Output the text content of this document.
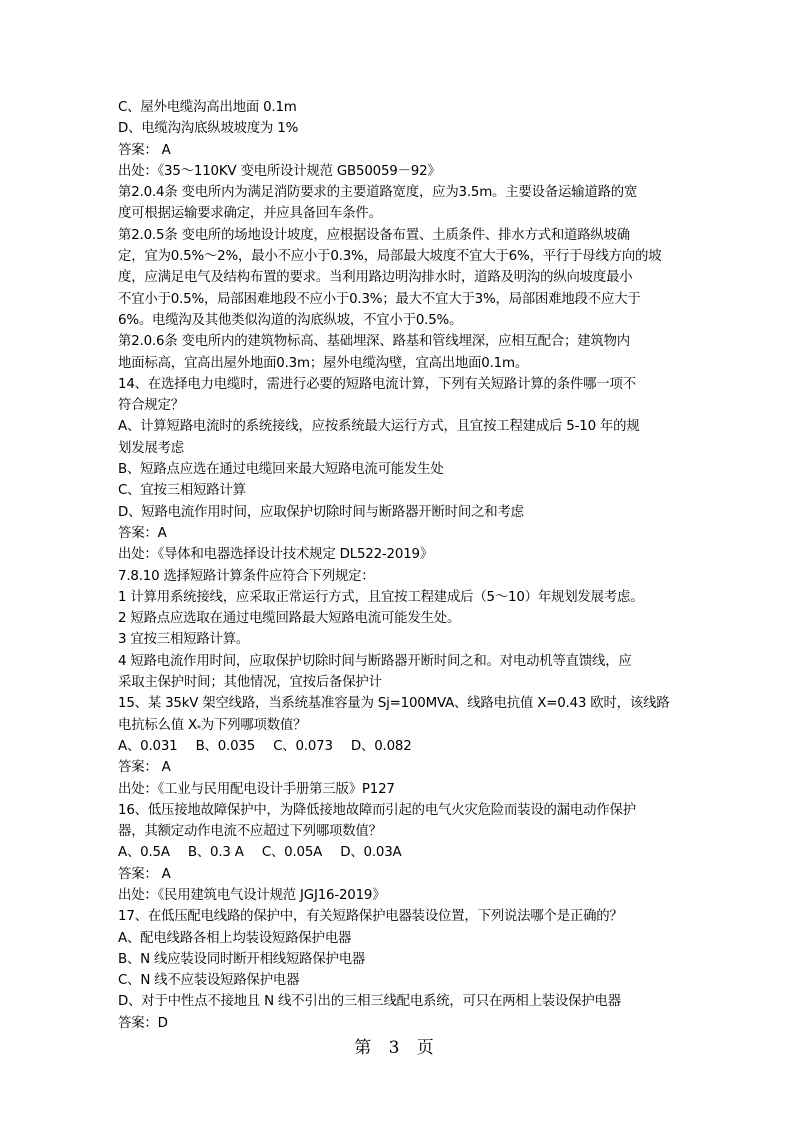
C、屋外电缆沟高出地面 0.1m
D、电缆沟沟底纵坡坡度为 1%
答案： A
出处：《35～110KV 变电所设计规范 GB50059－92》
第2.0.4条 变电所内为满足消防要求的主要道路宽度，应为3.5m。主要设备运输道路的宽
度可根据运输要求确定，并应具备回车条件。
第2.0.5条 变电所的场地设计坡度，应根据设备布置、土质条件、排水方式和道路纵坡确
定，宜为0.5%～2%，最小不应小于0.3%，局部最大坡度不宜大于6%，平行于母线方向的坡
度，应满足电气及结构布置的要求。当利用路边明沟排水时，道路及明沟的纵向坡度最小
不宜小于0.5%，局部困难地段不应小于0.3%；最大不宜大于3%，局部困难地段不应大于
6%。电缆沟及其他类似沟道的沟底纵坡，不宜小于0.5%。
第2.0.6条 变电所内的建筑物标高、基础埋深、路基和管线埋深，应相互配合；建筑物内
地面标高，宜高出屋外地面0.3m；屋外电缆沟壁，宜高出地面0.1m。
14、在选择电力电缆时，需进行必要的短路电流计算，下列有关短路计算的条件哪一项不
符合规定？
A、计算短路电流时的系统接线，应按系统最大运行方式，且宜按工程建成后 5-10 年的规
划发展考虑
B、短路点应选在通过电缆回来最大短路电流可能发生处
C、宜按三相短路计算
D、短路电流作用时间，应取保护切除时间与断路器开断时间之和考虑
答案：A
出处：《导体和电器选择设计技术规定 DL522-2019》
7.8.10 选择短路计算条件应符合下列规定：
1 计算用系统接线，应采取正常运行方式，且宜按工程建成后（5～10）年规划发展考虑。
2 短路点应选取在通过电缆回路最大短路电流可能发生处。
3 宜按三相短路计算。
4 短路电流作用时间，应取保护切除时间与断路器开断时间之和。对电动机等直馈线，应
采取主保护时间；其他情况，宜按后备保护计
15、某 35kV 架空线路，当系统基准容量为 Sj=100MVA、线路电抗值 X=0.43 欧时，该线路
电抗标么值 $X_*$为下列哪项数值？
A、0.031 B、0.035 C、0.073 D、0.082
答案： A
出处：《工业与民用配电设计手册第三版》P127
16、低压接地故障保护中，为降低接地故障而引起的电气火灾危险而装设的漏电动作保护
器，其额定动作电流不应超过下列哪项数值？
A、0.5A B、0.3 A C、0.05A D、0.03A
答案： A
出处：《民用建筑电气设计规范 JGJ16-2019》
17、在低压配电线路的保护中，有关短路保护电器装设位置，下列说法哪个是正确的？
A、配电线路各相上均装设短路保护电器
B、N 线应装设同时断开相线短路保护电器
C、N 线不应装设短路保护电器
D、对于中性点不接地且 N 线不引出的三相三线配电系统，可只在两相上装设保护电器
答案：D
第 3 页
